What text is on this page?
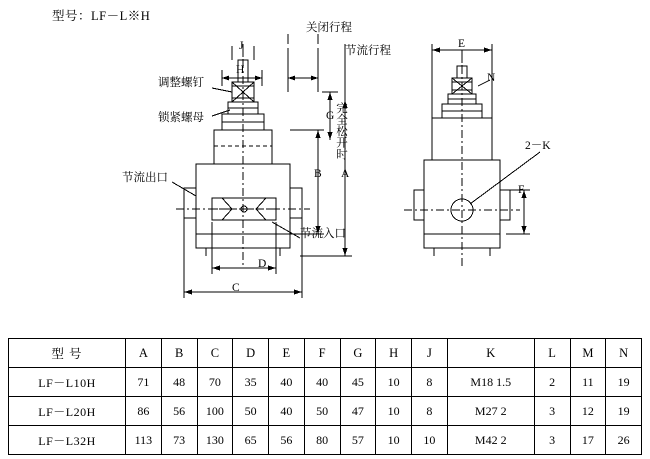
型号：LF－L※H
关闭行程
节流行程
调整螺钉
锁紧螺母
节流出口
节流入口
完全松开时	2－K
J
H
G
B A
D
C
E
F
N
型 号	A	B	C	D	E	F	G	H	J	K	L	M	N
LF－L10H	71	48	70	35	40	40	45	10	8	M18 1.5	2	11	19
LF－L20H	86	56	100	50	40	50	47	10	8	M27 2	3	12	19
LF－L32H	113	73	130	65	56	80	57	10	10	M42 2	3	17	26
